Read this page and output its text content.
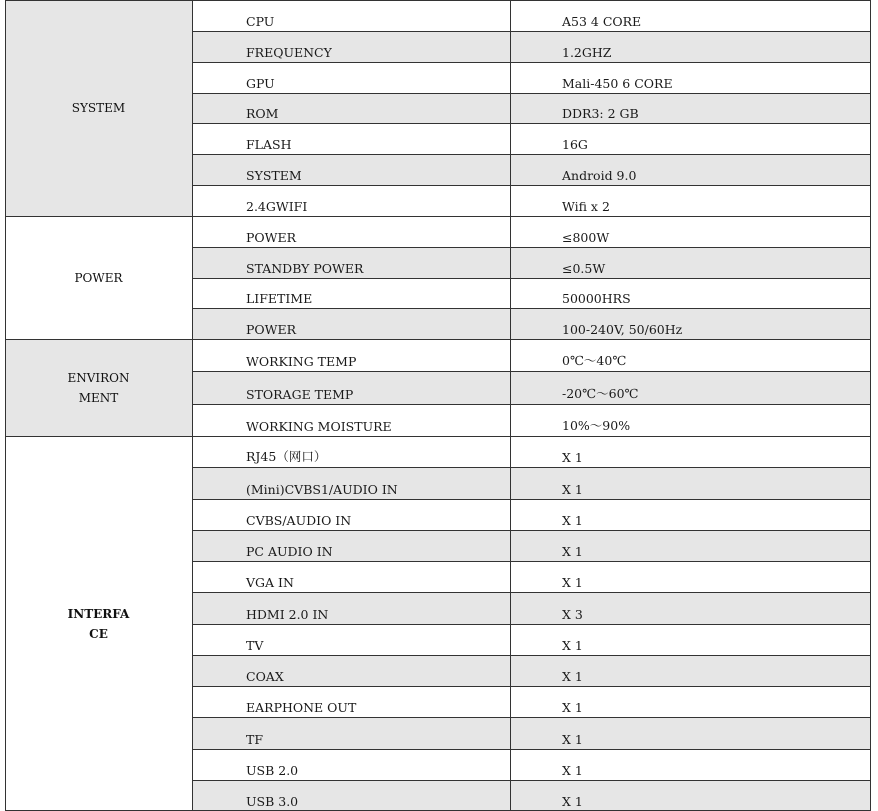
SYSTEM
CPU	A53 4 CORE
FREQUENCY	1.2GHZ
GPU	Mali-450 6 CORE
ROM	DDR3: 2 GB
FLASH	16G
SYSTEM	Android 9.0
2.4GWIFI	Wifi x 2
POWER
POWER	≤800W
STANDBY POWER	≤0.5W
LIFETIME	50000HRS
POWER	100-240V, 50/60Hz
ENVIRON
MENT
WORKING TEMP	0℃～40℃
STORAGE TEMP	-20℃～60℃
WORKING MOISTURE	10%～90%
INTERFA
CE
RJ45（网口）	X 1
(Mini)CVBS1/AUDIO IN	X 1
CVBS/AUDIO IN	X 1
PC AUDIO IN	X 1
VGA IN	X 1
HDMI 2.0 IN	X 3
TV	X 1
COAX	X 1
EARPHONE OUT	X 1
TF	X 1
USB 2.0	X 1
USB 3.0	X 1
